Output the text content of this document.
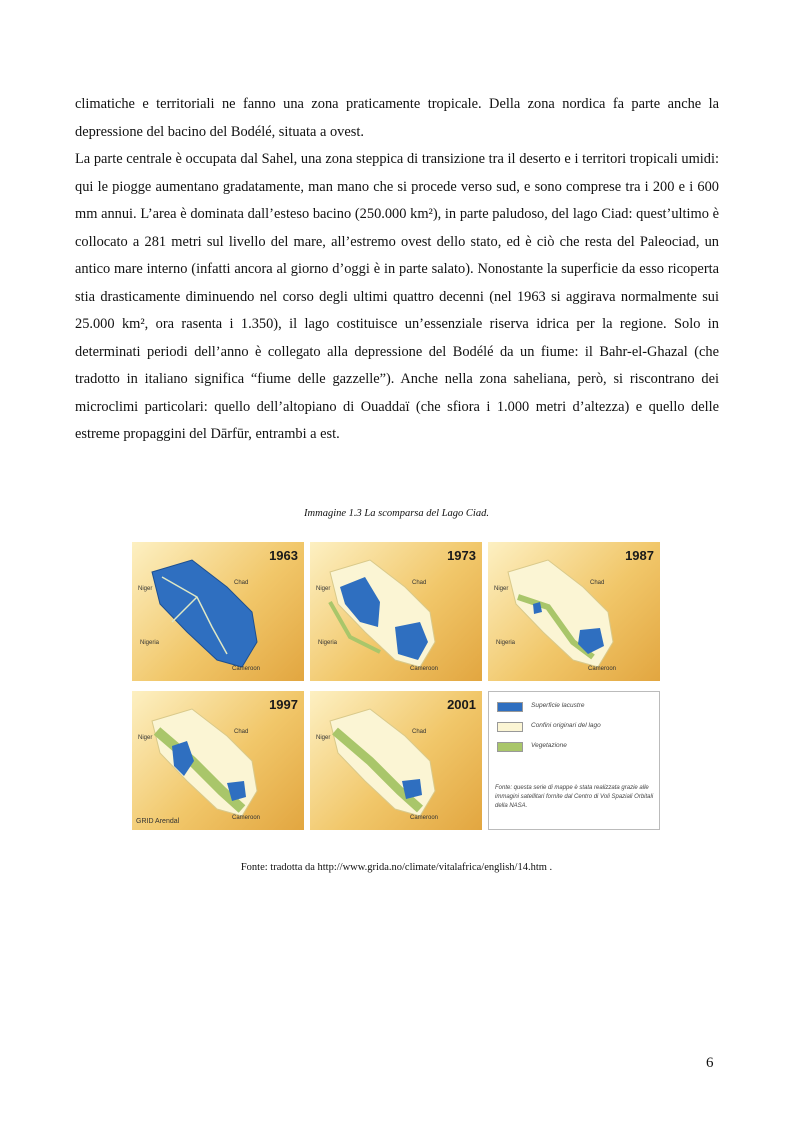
climatiche e territoriali ne fanno una zona praticamente tropicale. Della zona nordica fa parte anche la depressione del bacino del Bodélé, situata a ovest.

La parte centrale è occupata dal Sahel, una zona steppica di transizione tra il deserto e i territori tropicali umidi: qui le piogge aumentano gradatamente, man mano che si procede verso sud, e sono comprese tra i 200 e i 600 mm annui. L’area è dominata dall’esteso bacino (250.000 km²), in parte paludoso, del lago Ciad: quest’ultimo è collocato a 281 metri sul livello del mare, all’estremo ovest dello stato, ed è ciò che resta del Paleociad, un antico mare interno (infatti ancora al giorno d’oggi è in parte salato). Nonostante la superficie da esso ricoperta stia drasticamente diminuendo nel corso degli ultimi quattro decenni (nel 1963 si aggirava normalmente sui 25.000 km², ora rasenta i 1.350), il lago costituisce un’essenziale riserva idrica per la regione. Solo in determinati periodi dell’anno è collegato alla depressione del Bodélé da un fiume: il Bahr-el-Ghazal (che tradotto in italiano significa “fiume delle gazzelle”). Anche nella zona saheliana, però, si riscontrano dei microclimi particolari: quello dell’altopiano di Ouaddaï (che sfiora i 1.000 metri d’altezza) e quello delle estreme propaggini del Dārfūr, entrambi a est.

Immagine 1.3 La scomparsa del Lago Ciad.
1963
Niger
Chad
Nigeria
Cameroon
1973
Niger
Chad
Nigeria
Cameroon
1987
Niger
Chad
Nigeria
Cameroon
1997
Niger
Chad
Cameroon
GRID Arendal
2001
Niger
Chad
Cameroon
Superficie lacustre
Confini originari del lago
Vegetazione
Fonte: questa serie di mappe è stata realizzata grazie alle immagini satellitari fornite dal Centro di Voli Spaziali Orbitali della NASA.
Fonte: tradotta da http://www.grida.no/climate/vitalafrica/english/14.htm .
6
